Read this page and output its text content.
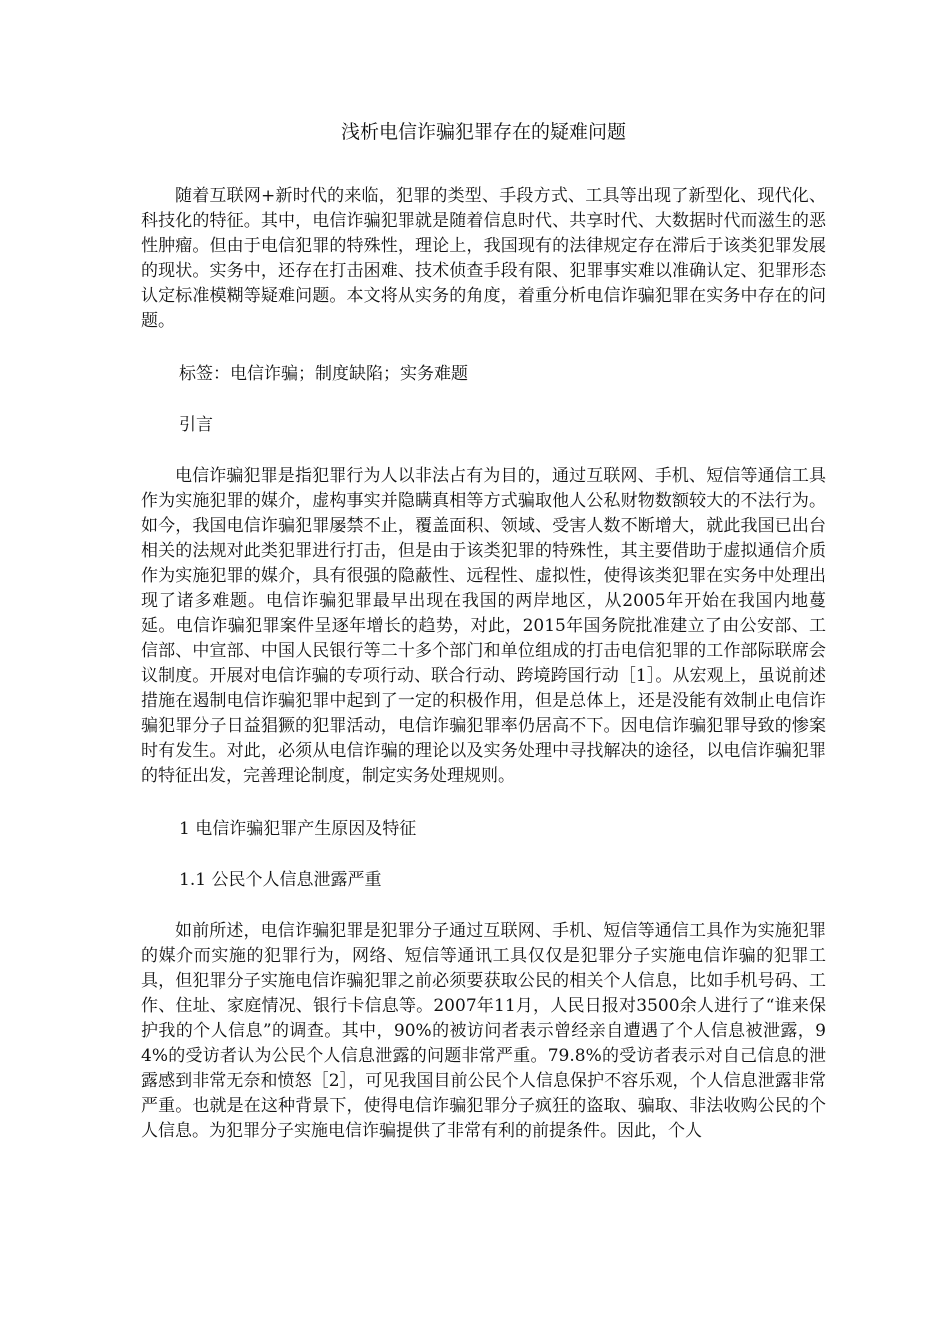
浅析电信诈骗犯罪存在的疑难问题

随着互联网+新时代的来临，犯罪的类型、手段方式、工具等出现了新型化、现代化、科技化的特征。其中，电信诈骗犯罪就是随着信息时代、共享时代、大数据时代而滋生的恶性肿瘤。但由于电信犯罪的特殊性，理论上，我国现有的法律规定存在滞后于该类犯罪发展的现状。实务中，还存在打击困难、技术侦查手段有限、犯罪事实难以准确认定、犯罪形态认定标准模糊等疑难问题。本文将从实务的角度，着重分析电信诈骗犯罪在实务中存在的问题。

标签：电信诈骗；制度缺陷；实务难题

引言

电信诈骗犯罪是指犯罪行为人以非法占有为目的，通过互联网、手机、短信等通信工具作为实施犯罪的媒介，虚构事实并隐瞒真相等方式骗取他人公私财物数额较大的不法行为。如今，我国电信诈骗犯罪屡禁不止，覆盖面积、领域、受害人数不断增大，就此我国已出台相关的法规对此类犯罪进行打击，但是由于该类犯罪的特殊性，其主要借助于虚拟通信介质作为实施犯罪的媒介，具有很强的隐蔽性、远程性、虚拟性，使得该类犯罪在实务中处理出现了诸多难题。电信诈骗犯罪最早出现在我国的两岸地区，从2005年开始在我国内地蔓延。电信诈骗犯罪案件呈逐年增长的趋势，对此，2015年国务院批准建立了由公安部、工信部、中宣部、中国人民银行等二十多个部门和单位组成的打击电信犯罪的工作部际联席会议制度。开展对电信诈骗的专项行动、联合行动、跨境跨国行动［1］。从宏观上，虽说前述措施在遏制电信诈骗犯罪中起到了一定的积极作用，但是总体上，还是没能有效制止电信诈骗犯罪分子日益猖獗的犯罪活动，电信诈骗犯罪率仍居高不下。因电信诈骗犯罪导致的惨案时有发生。对此，必须从电信诈骗的理论以及实务处理中寻找解决的途径，以电信诈骗犯罪的特征出发，完善理论制度，制定实务处理规则。

1 电信诈骗犯罪产生原因及特征

1.1 公民个人信息泄露严重

如前所述，电信诈骗犯罪是犯罪分子通过互联网、手机、短信等通信工具作为实施犯罪的媒介而实施的犯罪行为，网络、短信等通讯工具仅仅是犯罪分子实施电信诈骗的犯罪工具，但犯罪分子实施电信诈骗犯罪之前必须要获取公民的相关个人信息，比如手机号码、工作、住址、家庭情况、银行卡信息等。2007年11月，人民日报对3500余人进行了“谁来保护我的个人信息”的调查。其中，90%的被访问者表示曾经亲自遭遇了个人信息被泄露，94%的受访者认为公民个人信息泄露的问题非常严重。79.8%的受访者表示对自己信息的泄露感到非常无奈和愤怒［2］，可见我国目前公民个人信息保护不容乐观，个人信息泄露非常严重。也就是在这种背景下，使得电信诈骗犯罪分子疯狂的盗取、骗取、非法收购公民的个人信息。为犯罪分子实施电信诈骗提供了非常有利的前提条件。因此，个人
